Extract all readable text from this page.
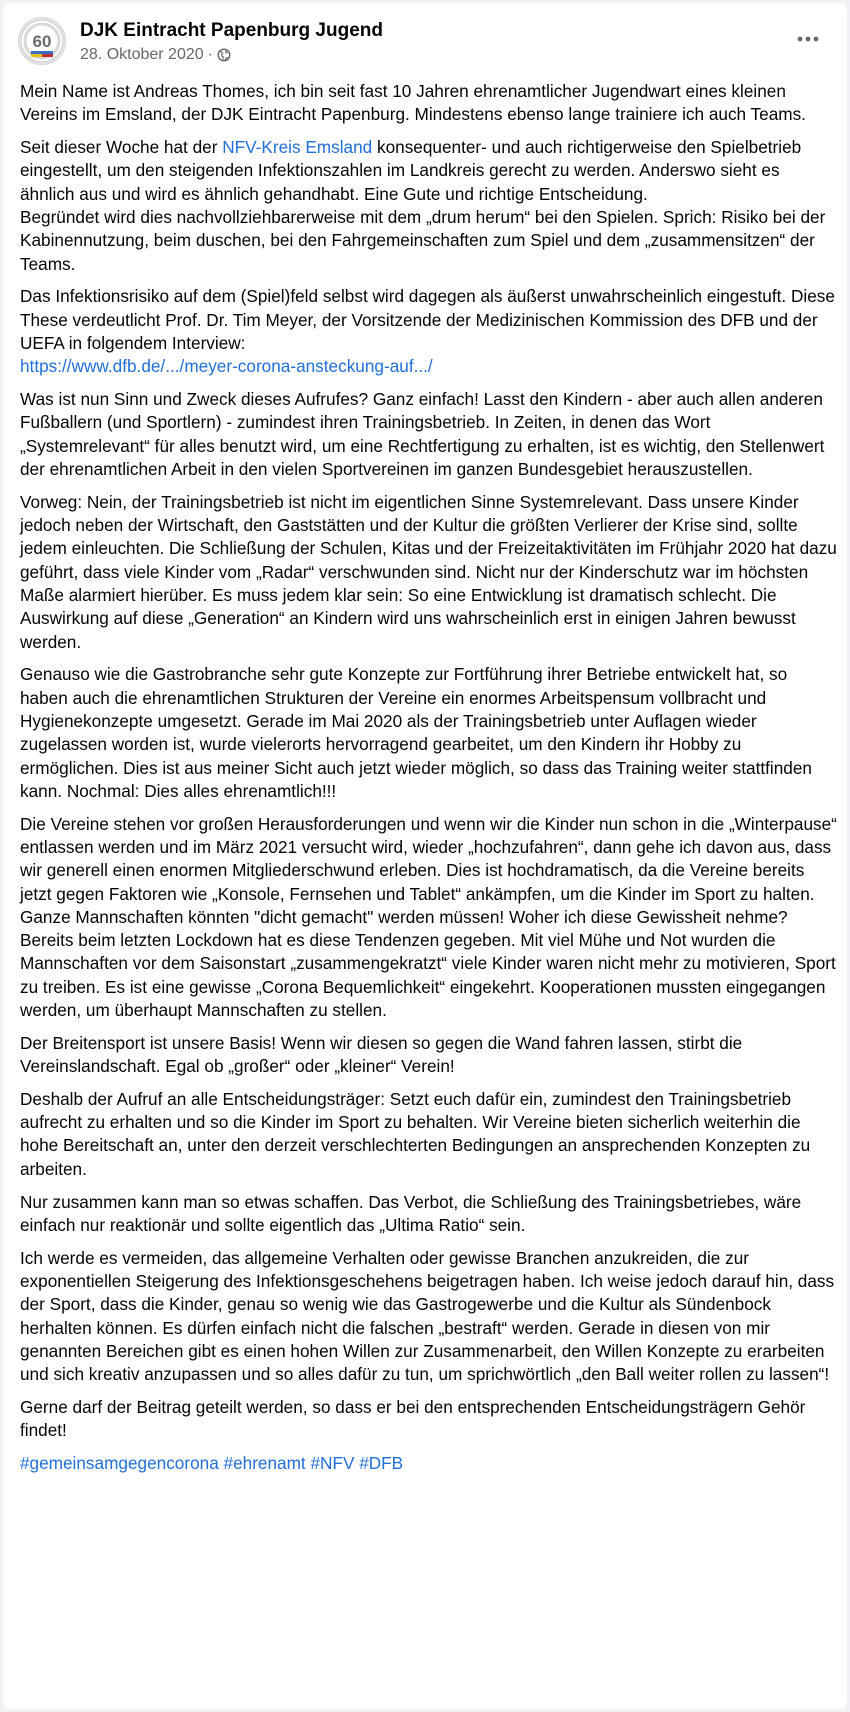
60
DJK Eintracht Papenburg Jugend
28. Oktober 2020 ·

Mein Name ist Andreas Thomes, ich bin seit fast 10 Jahren ehrenamtlicher Jugendwart eines kleinen Vereins im Emsland, der DJK Eintracht Papenburg. Mindestens ebenso lange trainiere ich auch Teams.

Seit dieser Woche hat der NFV-Kreis Emsland konsequenter- und auch richtigerweise den Spielbetrieb eingestellt, um den steigenden Infektionszahlen im Landkreis gerecht zu werden. Anderswo sieht es ähnlich aus und wird es ähnlich gehandhabt. Eine Gute und richtige Entscheidung.
Begründet wird dies nachvollziehbarerweise mit dem „drum herum“ bei den Spielen. Sprich: Risiko bei der Kabinennutzung, beim duschen, bei den Fahrgemeinschaften zum Spiel und dem „zusammensitzen“ der Teams.

Das Infektionsrisiko auf dem (Spiel)feld selbst wird dagegen als äußerst unwahrscheinlich eingestuft. Diese These verdeutlicht Prof. Dr. Tim Meyer, der Vorsitzende der Medizinischen Kommission des DFB und der UEFA in folgendem Interview:
https://www.dfb.de/.../meyer-corona-ansteckung-auf.../

Was ist nun Sinn und Zweck dieses Aufrufes? Ganz einfach! Lasst den Kindern - aber auch allen anderen Fußballern (und Sportlern) - zumindest ihren Trainingsbetrieb. In Zeiten, in denen das Wort „Systemrelevant“ für alles benutzt wird, um eine Rechtfertigung zu erhalten, ist es wichtig, den Stellenwert der ehrenamtlichen Arbeit in den vielen Sportvereinen im ganzen Bundesgebiet herauszustellen.

Vorweg: Nein, der Trainingsbetrieb ist nicht im eigentlichen Sinne Systemrelevant. Dass unsere Kinder jedoch neben der Wirtschaft, den Gaststätten und der Kultur die größten Verlierer der Krise sind, sollte jedem einleuchten. Die Schließung der Schulen, Kitas und der Freizeitaktivitäten im Frühjahr 2020 hat dazu geführt, dass viele Kinder vom „Radar“ verschwunden sind. Nicht nur der Kinderschutz war im höchsten Maße alarmiert hierüber. Es muss jedem klar sein: So eine Entwicklung ist dramatisch schlecht. Die Auswirkung auf diese „Generation“ an Kindern wird uns wahrscheinlich erst in einigen Jahren bewusst werden.

Genauso wie die Gastrobranche sehr gute Konzepte zur Fortführung ihrer Betriebe entwickelt hat, so haben auch die ehrenamtlichen Strukturen der Vereine ein enormes Arbeitspensum vollbracht und Hygienekonzepte umgesetzt. Gerade im Mai 2020 als der Trainingsbetrieb unter Auflagen wieder zugelassen worden ist, wurde vielerorts hervorragend gearbeitet, um den Kindern ihr Hobby zu ermöglichen. Dies ist aus meiner Sicht auch jetzt wieder möglich, so dass das Training weiter stattfinden kann. Nochmal: Dies alles ehrenamtlich!!!

Die Vereine stehen vor großen Herausforderungen und wenn wir die Kinder nun schon in die „Winterpause“ entlassen werden und im März 2021 versucht wird, wieder „hochzufahren“, dann gehe ich davon aus, dass wir generell einen enormen Mitgliederschwund erleben. Dies ist hochdramatisch, da die Vereine bereits jetzt gegen Faktoren wie „Konsole, Fernsehen und Tablet“ ankämpfen, um die Kinder im Sport zu halten. Ganze Mannschaften könnten "dicht gemacht" werden müssen! Woher ich diese Gewissheit nehme? Bereits beim letzten Lockdown hat es diese Tendenzen gegeben. Mit viel Mühe und Not wurden die Mannschaften vor dem Saisonstart „zusammengekratzt“ viele Kinder waren nicht mehr zu motivieren, Sport zu treiben. Es ist eine gewisse „Corona Bequemlichkeit“ eingekehrt. Kooperationen mussten eingegangen werden, um überhaupt Mannschaften zu stellen.

Der Breitensport ist unsere Basis! Wenn wir diesen so gegen die Wand fahren lassen, stirbt die Vereinslandschaft. Egal ob „großer“ oder „kleiner“ Verein!

Deshalb der Aufruf an alle Entscheidungsträger: Setzt euch dafür ein, zumindest den Trainingsbetrieb aufrecht zu erhalten und so die Kinder im Sport zu behalten. Wir Vereine bieten sicherlich weiterhin die hohe Bereitschaft an, unter den derzeit verschlechterten Bedingungen an ansprechenden Konzepten zu arbeiten.

Nur zusammen kann man so etwas schaffen. Das Verbot, die Schließung des Trainingsbetriebes, wäre einfach nur reaktionär und sollte eigentlich das „Ultima Ratio“ sein.

Ich werde es vermeiden, das allgemeine Verhalten oder gewisse Branchen anzukreiden, die zur exponentiellen Steigerung des Infektionsgeschehens beigetragen haben. Ich weise jedoch darauf hin, dass der Sport, dass die Kinder, genau so wenig wie das Gastrogewerbe und die Kultur als Sündenbock herhalten können. Es dürfen einfach nicht die falschen „bestraft“ werden. Gerade in diesen von mir genannten Bereichen gibt es einen hohen Willen zur Zusammenarbeit, den Willen Konzepte zu erarbeiten und sich kreativ anzupassen und so alles dafür zu tun, um sprichwörtlich „den Ball weiter rollen zu lassen“!

Gerne darf der Beitrag geteilt werden, so dass er bei den entsprechenden Entscheidungsträgern Gehör findet!

#gemeinsamgegencorona #ehrenamt #NFV #DFB
